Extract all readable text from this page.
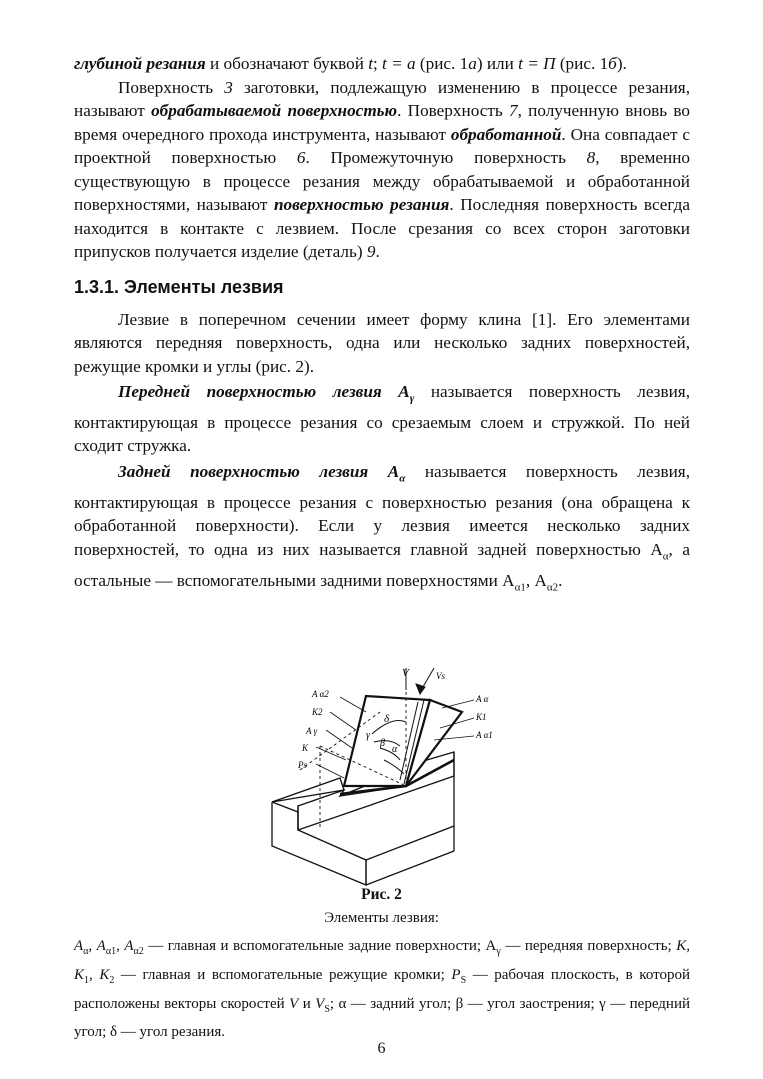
глубиной резания и обозначают буквой t; t = a (рис. 1а) или t = П (рис. 1б).

Поверхность 3 заготовки, подлежащую изменению в процессе резания, называют обрабатываемой поверхностью. Поверхность 7, полученную вновь во время очередного прохода инструмента, называют обработанной. Она совпадает с проектной поверхностью 6. Промежуточную поверхность 8, временно существующую в процессе резания между обрабатываемой и обработанной поверхностями, называют поверхностью резания. Последняя поверхность всегда находится в контакте с лезвием. После срезания со всех сторон заготовки припусков получается изделие (деталь) 9.

1.3.1. Элементы лезвия

Лезвие в поперечном сечении имеет форму клина [1]. Его элементами являются передняя поверхность, одна или несколько задних поверхностей, режущие кромки и углы (рис. 2).

Передней поверхностью лезвия $A_\gamma$ называется поверхность лезвия, контактирующая в процессе резания со срезаемым слоем и стружкой. По ней сходит стружка.

Задней поверхностью лезвия $A_\alpha$ называется поверхность лезвия, контактирующая в процессе резания с поверхностью резания (она обращена к обработанной поверхности). Если у лезвия имеется несколько задних поверхностей, то одна из них называется главной задней поверхностью $A_\alpha$, а остальные — вспомогательными задними поверхностями $A_{\alpha 1}$, $A_{\alpha 2}$.

V	Vs
A α2
K2
A γ
K
Ps
A α
K1
A α1
δ
γ
β
α
Рис. 2
Элементы лезвия:
$A_\alpha$, $A_{\alpha 1}$, $A_{\alpha 2}$ — главная и вспомогательные задние поверхности; $A_\gamma$ — передняя поверхность; K, $K_1$, $K_2$ — главная и вспомогательные режущие кромки; $P_S$ — рабочая плоскость, в которой расположены векторы скоростей V и $V_S$; α — задний угол; β — угол заострения; γ — передний угол; δ — угол резания.
6
